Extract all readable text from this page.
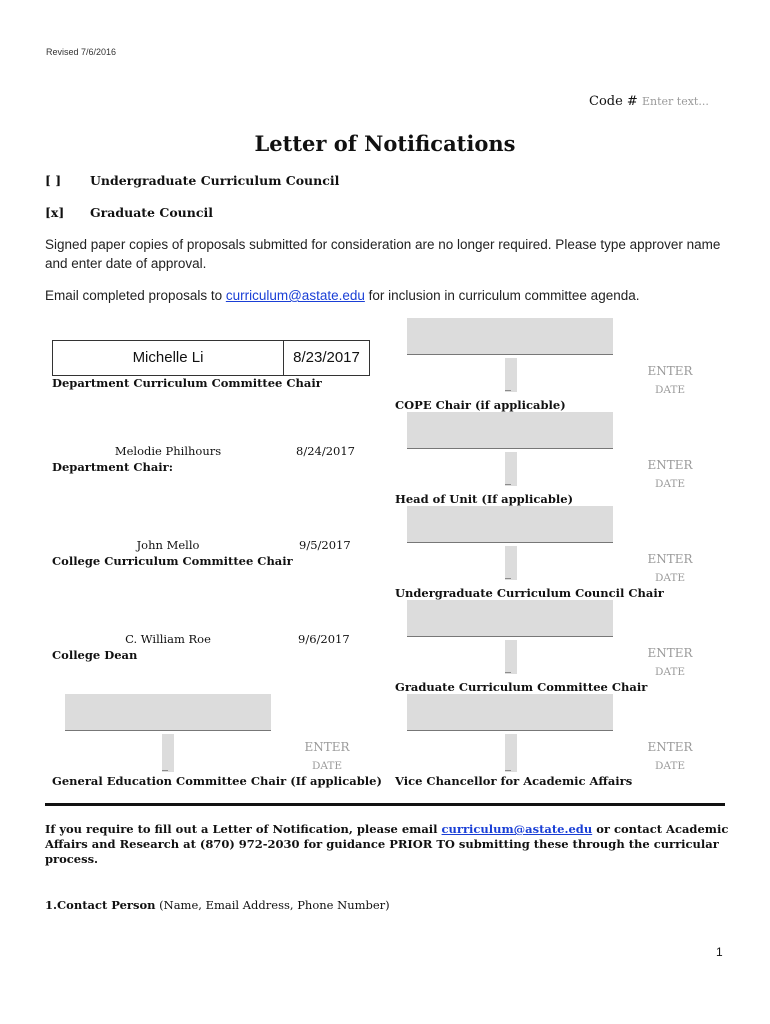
Revised 7/6/2016
Code # Enter text...
Letter of Notifications
[ ] Undergraduate Curriculum Council
[x] Graduate Council
Signed paper copies of proposals submitted for consideration are no longer required. Please type approver name and enter date of approval.
Email completed proposals to curriculum@astate.edu for inclusion in curriculum committee agenda.
Michelle Li	8/23/2017
Department Curriculum Committee Chair
Melodie Philhours	8/24/2017
Department Chair:
John Mello	9/5/2017
College Curriculum Committee Chair
C. William Roe	9/6/2017
College Dean
_
ENTER
DATE
General Education Committee Chair (If applicable)
_
ENTER
DATE
COPE Chair (if applicable)
_
ENTER
DATE
Head of Unit (If applicable)
_
ENTER
DATE
Undergraduate Curriculum Council Chair
_
ENTER
DATE
Graduate Curriculum Committee Chair
_
ENTER
DATE
Vice Chancellor for Academic Affairs
If you require to fill out a Letter of Notification, please email curriculum@astate.edu or contact Academic Affairs and Research at (870) 972-2030 for guidance PRIOR TO submitting these through the curricular process.
1.Contact Person (Name, Email Address, Phone Number)
1
